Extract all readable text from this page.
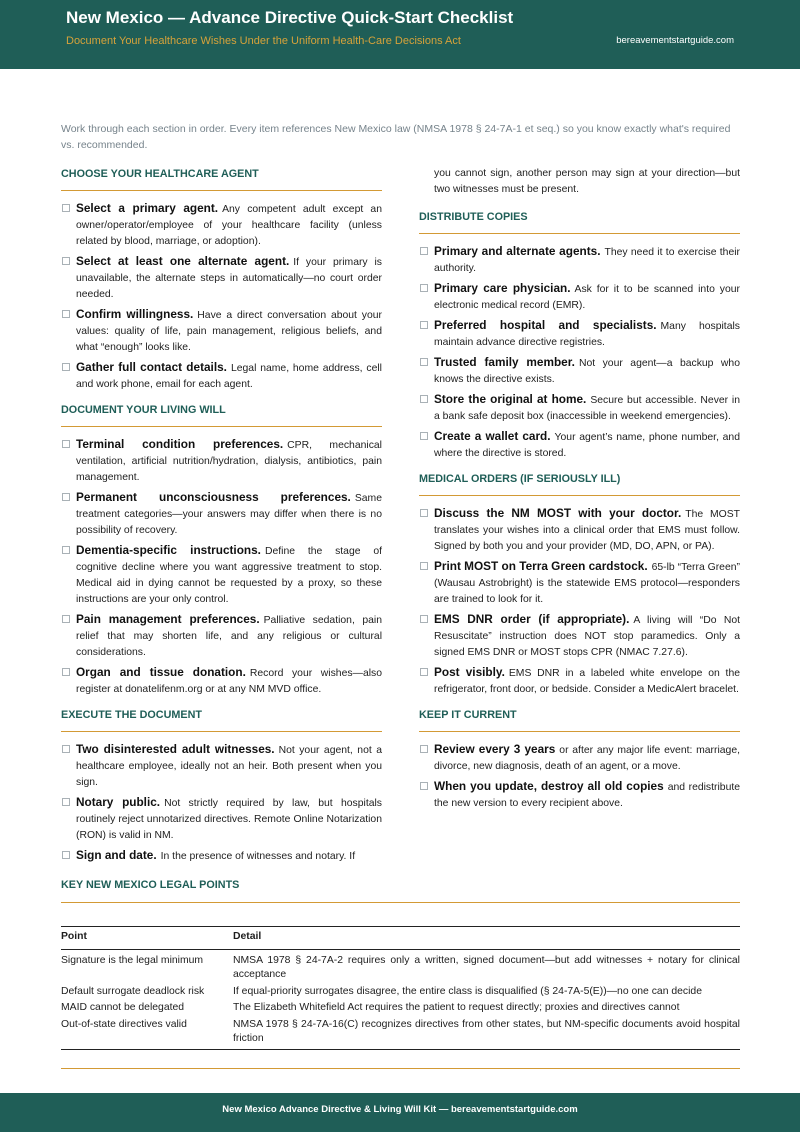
New Mexico — Advance Directive Quick-Start Checklist
Document Your Healthcare Wishes Under the Uniform Health-Care Decisions Act	bereavementstartguide.com
Work through each section in order. Every item references New Mexico law (NMSA 1978 § 24-7A-1 et seq.) so you know exactly what's required vs. recommended.
CHOOSE YOUR HEALTHCARE AGENT
Select a primary agent. Any competent adult except an owner/operator/employee of your healthcare facility (unless related by blood, marriage, or adoption).
Select at least one alternate agent. If your primary is unavailable, the alternate steps in automatically—no court order needed.
Confirm willingness. Have a direct conversation about your values: quality of life, pain management, religious beliefs, and what “enough” looks like.
Gather full contact details. Legal name, home address, cell and work phone, email for each agent.
DOCUMENT YOUR LIVING WILL
Terminal condition preferences. CPR, mechanical ventilation, artificial nutrition/hydration, dialysis, antibiotics, pain management.
Permanent unconsciousness preferences. Same treatment categories—your answers may differ when there is no possibility of recovery.
Dementia-specific instructions. Define the stage of cognitive decline where you want aggressive treatment to stop. Medical aid in dying cannot be requested by a proxy, so these instructions are your only control.
Pain management preferences. Palliative sedation, pain relief that may shorten life, and any religious or cultural considerations.
Organ and tissue donation. Record your wishes—also register at donatelifenm.org or at any NM MVD office.
EXECUTE THE DOCUMENT
Two disinterested adult witnesses. Not your agent, not a healthcare employee, ideally not an heir. Both present when you sign.
Notary public. Not strictly required by law, but hospitals routinely reject unnotarized directives. Remote Online Notarization (RON) is valid in NM.
Sign and date. In the presence of witnesses and notary. If
you cannot sign, another person may sign at your direction—but two witnesses must be present.
DISTRIBUTE COPIES
Primary and alternate agents. They need it to exercise their authority.
Primary care physician. Ask for it to be scanned into your electronic medical record (EMR).
Preferred hospital and specialists. Many hospitals maintain advance directive registries.
Trusted family member. Not your agent—a backup who knows the directive exists.
Store the original at home. Secure but accessible. Never in a bank safe deposit box (inaccessible in weekend emergencies).
Create a wallet card. Your agent’s name, phone number, and where the directive is stored.
MEDICAL ORDERS (IF SERIOUSLY ILL)
Discuss the NM MOST with your doctor. The MOST translates your wishes into a clinical order that EMS must follow. Signed by both you and your provider (MD, DO, APN, or PA).
Print MOST on Terra Green cardstock. 65-lb “Terra Green” (Wausau Astrobright) is the statewide EMS protocol—responders are trained to look for it.
EMS DNR order (if appropriate). A living will “Do Not Resuscitate” instruction does NOT stop paramedics. Only a signed EMS DNR or MOST stops CPR (NMAC 7.27.6).
Post visibly. EMS DNR in a labeled white envelope on the refrigerator, front door, or bedside. Consider a MedicAlert bracelet.
KEEP IT CURRENT
Review every 3 years or after any major life event: marriage, divorce, new diagnosis, death of an agent, or a move.
When you update, destroy all old copies and redistribute the new version to every recipient above.
KEY NEW MEXICO LEGAL POINTS
Point	Detail
Signature is the legal minimum	NMSA 1978 § 24-7A-2 requires only a written, signed document—but add witnesses + notary for clinical acceptance
Default surrogate deadlock risk	If equal-priority surrogates disagree, the entire class is disqualified (§ 24-7A-5(E))—no one can decide
MAID cannot be delegated	The Elizabeth Whitefield Act requires the patient to request directly; proxies and directives cannot
Out-of-state directives valid	NMSA 1978 § 24-7A-16(C) recognizes directives from other states, but NM-specific documents avoid hospital friction
New Mexico Advance Directive & Living Will Kit — bereavementstartguide.com
